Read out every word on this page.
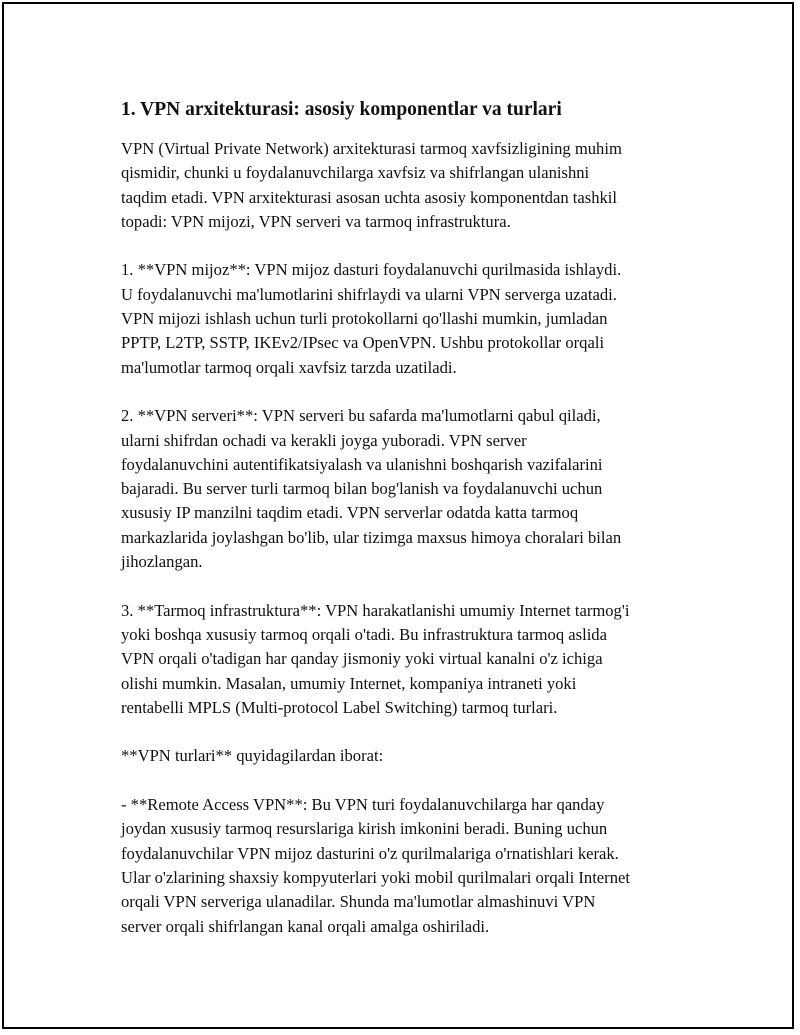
1. VPN arxitekturasi: asosiy komponentlar va turlari

VPN (Virtual Private Network) arxitekturasi tarmoq xavfsizligining muhim
qismidir, chunki u foydalanuvchilarga xavfsiz va shifrlangan ulanishni
taqdim etadi. VPN arxitekturasi asosan uchta asosiy komponentdan tashkil
topadi: VPN mijozi, VPN serveri va tarmoq infrastruktura.

1. **VPN mijoz**: VPN mijoz dasturi foydalanuvchi qurilmasida ishlaydi.
U foydalanuvchi ma'lumotlarini shifrlaydi va ularni VPN serverga uzatadi.
VPN mijozi ishlash uchun turli protokollarni qo'llashi mumkin, jumladan
PPTP, L2TP, SSTP, IKEv2/IPsec va OpenVPN. Ushbu protokollar orqali
ma'lumotlar tarmoq orqali xavfsiz tarzda uzatiladi.

2. **VPN serveri**: VPN serveri bu safarda ma'lumotlarni qabul qiladi,
ularni shifrdan ochadi va kerakli joyga yuboradi. VPN server
foydalanuvchini autentifikatsiyalash va ulanishni boshqarish vazifalarini
bajaradi. Bu server turli tarmoq bilan bog'lanish va foydalanuvchi uchun
xususiy IP manzilni taqdim etadi. VPN serverlar odatda katta tarmoq
markazlarida joylashgan bo'lib, ular tizimga maxsus himoya choralari bilan
jihozlangan.

3. **Tarmoq infrastruktura**: VPN harakatlanishi umumiy Internet tarmog'i
yoki boshqa xususiy tarmoq orqali o'tadi. Bu infrastruktura tarmoq aslida
VPN orqali o'tadigan har qanday jismoniy yoki virtual kanalni o'z ichiga
olishi mumkin. Masalan, umumiy Internet, kompaniya intraneti yoki
rentabelli MPLS (Multi-protocol Label Switching) tarmoq turlari.

**VPN turlari** quyidagilardan iborat:

- **Remote Access VPN**: Bu VPN turi foydalanuvchilarga har qanday
joydan xususiy tarmoq resurslariga kirish imkonini beradi. Buning uchun
foydalanuvchilar VPN mijoz dasturini o'z qurilmalariga o'rnatishlari kerak.
Ular o'zlarining shaxsiy kompyuterlari yoki mobil qurilmalari orqali Internet
orqali VPN serveriga ulanadilar. Shunda ma'lumotlar almashinuvi VPN
server orqali shifrlangan kanal orqali amalga oshiriladi.
